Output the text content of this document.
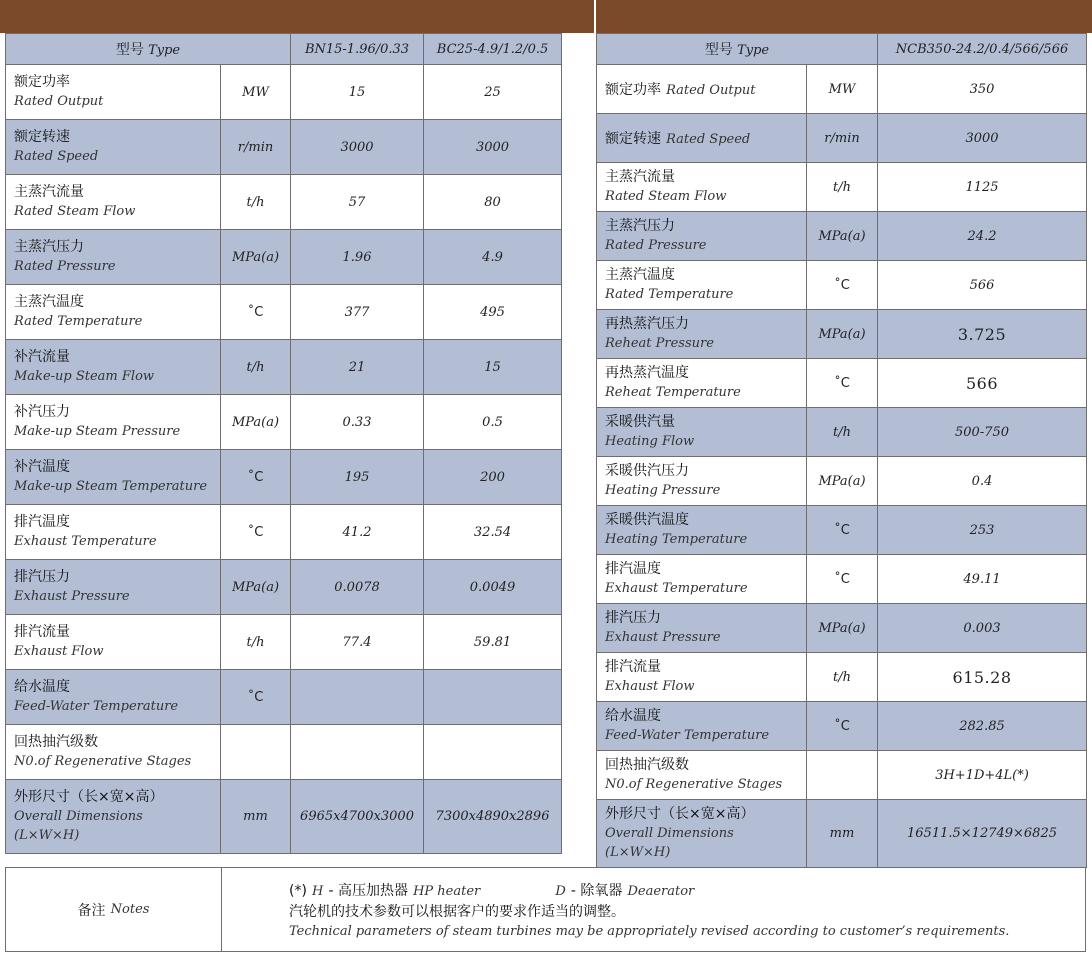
型号 Type		BN15-1.96/0.33	BC25-4.9/1.2/0.5

额定功率
Rated Output	MW	15	25

额定转速
Rated Speed	r/min	3000	3000

主蒸汽流量
Rated Steam Flow	t/h	57	80

主蒸汽压力
Rated Pressure	MPa(a)	1.96	4.9

主蒸汽温度
Rated Temperature	˚C	377	495

补汽流量
Make-up Steam Flow	t/h	21	15

补汽压力
Make-up Steam Pressure	MPa(a)	0.33	0.5

补汽温度
Make-up Steam Temperature	˚C	195	200

排汽温度
Exhaust Temperature	˚C	41.2	32.54

排汽压力
Exhaust Pressure	MPa(a)	0.0078	0.0049

排汽流量
Exhaust Flow	t/h	77.4	59.81

给水温度
Feed-Water Temperature	˚C		

回热抽汽级数
N0.of Regenerative Stages			

外形尺寸（长×宽×高）
Overall Dimensions
(L×W×H)	mm	6965x4700x3000	7300x4890x2896
型号 Type		NCB350-24.2/0.4/566/566
额定功率 Rated Output	MW	350
额定转速 Rated Speed	r/min	3000

主蒸汽流量
Rated Steam Flow	t/h	1125

主蒸汽压力
Rated Pressure	MPa(a)	24.2

主蒸汽温度
Rated Temperature	˚C	566

再热蒸汽压力
Reheat Pressure	MPa(a)	3.725

再热蒸汽温度
Reheat Temperature	˚C	566

采暖供汽量
Heating Flow	t/h	500-750

采暖供汽压力
Heating Pressure	MPa(a)	0.4

采暖供汽温度
Heating Temperature	˚C	253

排汽温度
Exhaust Temperature	˚C	49.11

排汽压力
Exhaust Pressure	MPa(a)	0.003

排汽流量
Exhaust Flow	t/h	615.28

给水温度
Feed-Water Temperature	˚C	282.85

回热抽汽级数
N0.of Regenerative Stages		3H+1D+4L(*)

外形尺寸（长×宽×高）
Overall Dimensions
(L×W×H)	mm	16511.5×12749×6825
备注
Notes
(*) H - 高压加热器 HP heater	D - 除氧器 Deaerator
汽轮机的技术参数可以根据客户的要求作适当的调整。
Technical parameters of steam turbines may be appropriately revised according to customer’s requirements.
